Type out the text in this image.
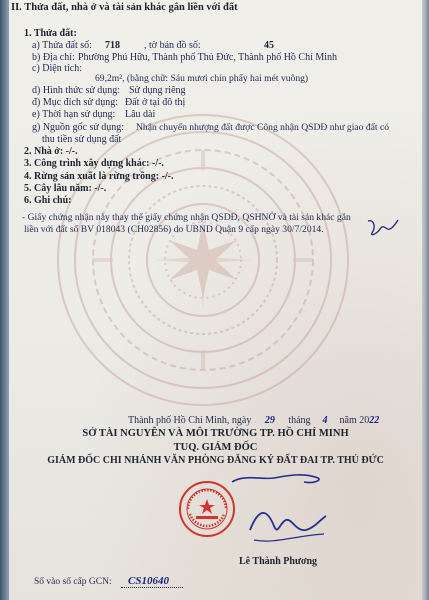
II. Thửa đất, nhà ở và tài sản khác gắn liền với đất
1. Thửa đất:
a) Thửa đất số: 718 , tờ bản đồ số:	45
b) Địa chỉ: Phường Phú Hữu, Thành phố Thủ Đức, Thành phố Hồ Chí Minh
c) Diện tích:
69,2m², (bằng chữ: Sáu mươi chín phẩy hai mét vuông)
d) Hình thức sử dụng: Sử dụng riêng
đ) Mục đích sử dụng: Đất ở tại đô thị
e) Thời hạn sử dụng: Lâu dài
g) Nguồn gốc sử dụng: Nhận chuyển nhượng đất được Công nhận QSDĐ như giao đất có
thu tiền sử dụng đất
2. Nhà ở: -/-.
3. Công trình xây dựng khác: -/-.
4. Rừng sản xuất là rừng trồng: -/-.
5. Cây lâu năm: -/-.
6. Ghi chú:
- Giấy chứng nhận này thay thế giấy chứng nhận QSDĐ, QSHNỞ và tài sản khác gắn
liền với đất số BV 018043 (CH02856) do UBND Quận 9 cấp ngày 30/7/2014.
Thành phố Hồ Chí Minh, ngày 29 tháng 4 năm 2022
SỞ TÀI NGUYÊN VÀ MÔI TRƯỜNG TP. HỒ CHÍ MINH
TUQ. GIÁM ĐỐC
GIÁM ĐỐC CHI NHÁNH VĂN PHÒNG ĐĂNG KÝ ĐẤT ĐAI TP. THỦ ĐỨC
Lê Thành Phương
Số vào sổ cấp GCN: CS10640
